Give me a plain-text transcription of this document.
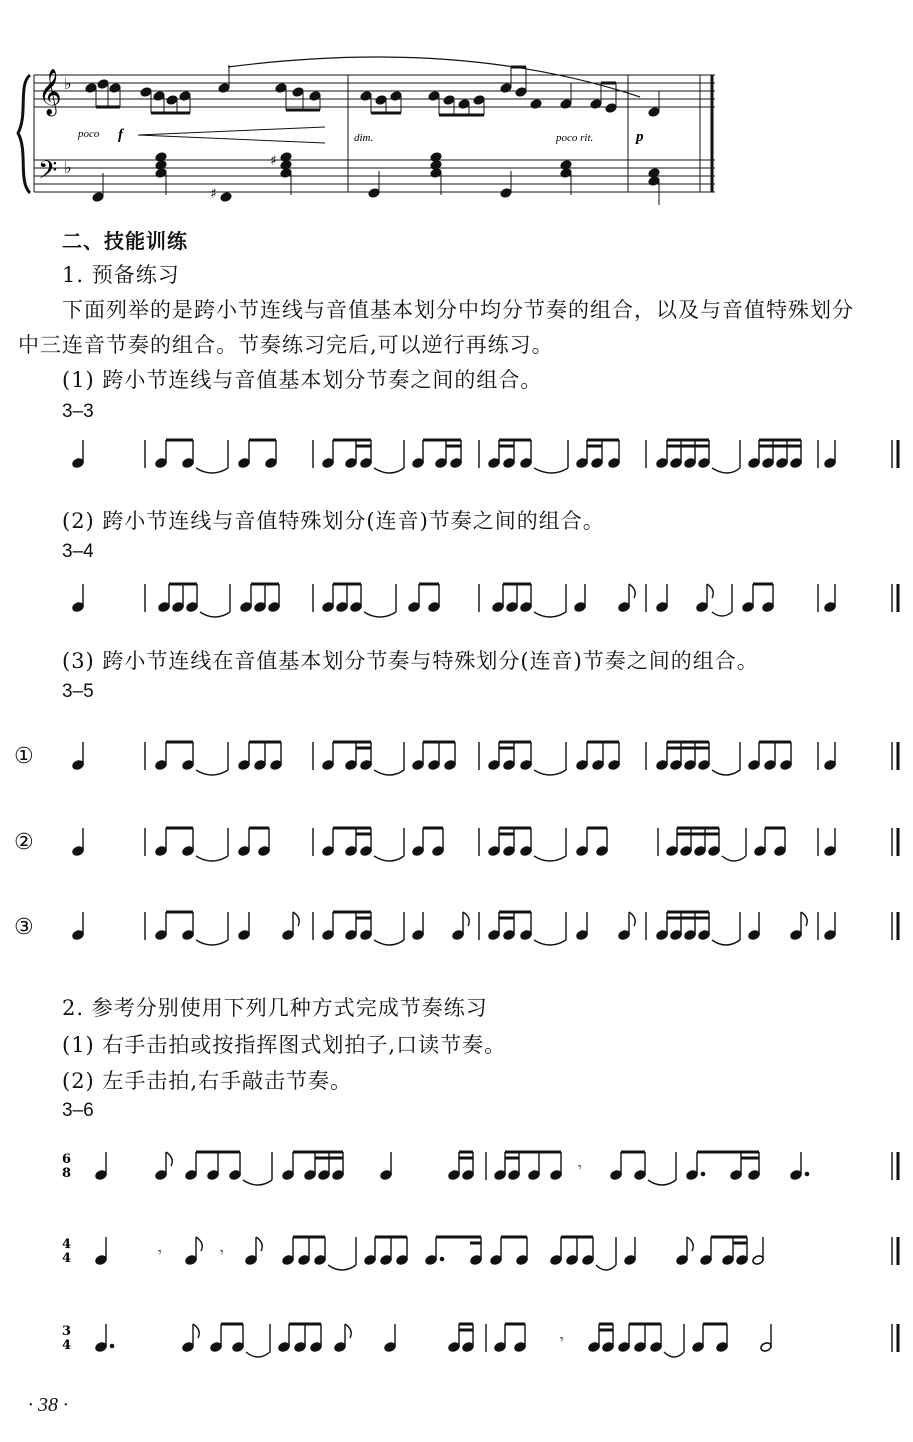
𝄞
𝄢
♭
♭
♯
♯
poco f	dim.	poco rit.	p
二、技能训练
1. 预备练习
下面列举的是跨小节连线与音值基本划分中均分节奏的组合，以及与音值特殊划分
中三连音节奏的组合。节奏练习完后,可以逆行再练习。
(1) 跨小节连线与音值基本划分节奏之间的组合。
3–3
(2) 跨小节连线与音值特殊划分(连音)节奏之间的组合。
3–4
(3) 跨小节连线在音值基本划分节奏与特殊划分(连音)节奏之间的组合。
3–5
①
②
③
2. 参考分别使用下列几种方式完成节奏练习
(1) 右手击拍或按指挥图式划拍子,口读节奏。
(2) 左手击拍,右手敲击节奏。
3–6
6
8	𝄾
4
4	𝄾	𝄾
3
4	𝄾
· 38 ·
